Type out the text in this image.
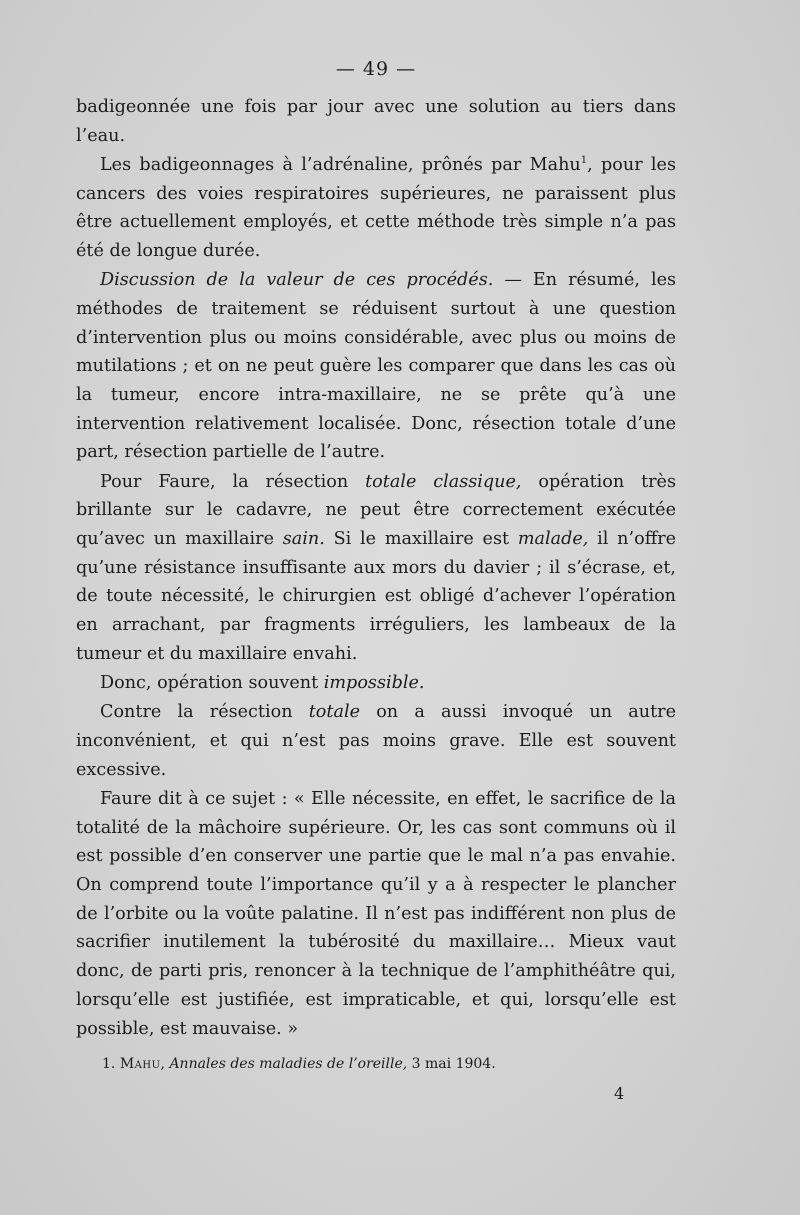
— 49 —

badigeonnée une fois par jour avec une solution au tiers dans l’eau.

Les badigeonnages à l’adrénaline, prônés par Mahu$^1$, pour les cancers des voies respiratoires supérieures, ne paraissent plus être actuellement employés, et cette méthode très simple n’a pas été de longue durée.

Discussion de la valeur de ces procédés. — En résumé, les méthodes de traitement se réduisent surtout à une question d’intervention plus ou moins considérable, avec plus ou moins de mutilations ; et on ne peut guère les comparer que dans les cas où la tumeur, encore intra-maxillaire, ne se prête qu’à une intervention relativement localisée. Donc, résection totale d’une part, résection partielle de l’autre.

Pour Faure, la résection totale classique, opération très brillante sur le cadavre, ne peut être correctement exécutée qu’avec un maxillaire sain. Si le maxillaire est malade, il n’offre qu’une résistance insuffisante aux mors du davier ; il s’écrase, et, de toute nécessité, le chirurgien est obligé d’achever l’opération en arrachant, par fragments irréguliers, les lambeaux de la tumeur et du maxillaire envahi.

Donc, opération souvent impossible.

Contre la résection totale on a aussi invoqué un autre inconvénient, et qui n’est pas moins grave. Elle est souvent excessive.

Faure dit à ce sujet : « Elle nécessite, en effet, le sacrifice de la totalité de la mâchoire supérieure. Or, les cas sont communs où il est possible d’en conserver une partie que le mal n’a pas envahie. On comprend toute l’importance qu’il y a à respecter le plancher de l’orbite ou la voûte palatine. Il n’est pas indifférent non plus de sacrifier inutilement la tubérosité du maxillaire… Mieux vaut donc, de parti pris, renoncer à la technique de l’amphithéâtre qui, lorsqu’elle est justifiée, est impraticable, et qui, lorsqu’elle est possible, est mauvaise. »

1. Mahu, Annales des maladies de l’oreille, 3 mai 1904.
4
